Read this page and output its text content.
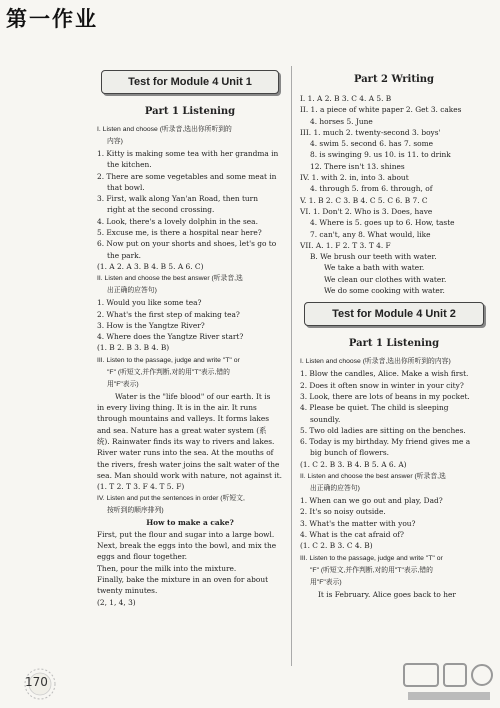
第一作业
Test for Module 4 Unit 1
Part 1 Listening
I. Listen and choose (听录音,选出你所听到的
内容)
1. Kitty is making some tea with her grandma in
the kitchen.
2. There are some vegetables and some meat in
that bowl.
3. First, walk along Yan'an Road, then turn
right at the second crossing.
4. Look, there's a lovely dolphin in the sea.
5. Excuse me, is there a hospital near here?
6. Now put on your shorts and shoes, let's go to
the park.
(1. A 2. A 3. B 4. B 5. A 6. C)
II. Listen and choose the best answer (听录音,选
出正确的应答句)
1. Would you like some tea?
2. What's the first step of making tea?
3. How is the Yangtze River?
4. Where does the Yangtze River start?
(1. B 2. B 3. B 4. B)
III. Listen to the passage, judge and write "T" or
"F" (听短文,并作判断,对的用"T"表示,错的
用"F"表示)
Water is the "life blood" of our earth. It is
in every living thing. It is in the air. It runs
through mountains and valleys. It forms lakes
and sea. Nature has a great water system (系
统). Rainwater finds its way to rivers and lakes.
River water runs into the sea. At the mouths of
the rivers, fresh water joins the salt water of the
sea. Man should work with nature, not against it.
(1. T 2. T 3. F 4. T 5. F)
IV. Listen and put the sentences in order (听短文,
按听到的顺序排列)
How to make a cake?
First, put the flour and sugar into a large bowl.
Next, break the eggs into the bowl, and mix the
eggs and flour together.
Then, pour the milk into the mixture.
Finally, bake the mixture in an oven for about
twenty minutes.
(2, 1, 4, 3)
Part 2 Writing
I. 1. A 2. B 3. C 4. A 5. B
II. 1. a piece of white paper 2. Get 3. cakes
4. horses 5. June
III. 1. much 2. twenty-second 3. boys'
4. swim 5. second 6. has 7. some
8. is swinging 9. us 10. is 11. to drink
12. There isn't 13. shines
IV. 1. with 2. in, into 3. about
4. through 5. from 6. through, of
V. 1. B 2. C 3. B 4. C 5. C 6. B 7. C
VI. 1. Don't 2. Who is 3. Does, have
4. Where is 5. goes up to 6. How, taste
7. can't, any 8. What would, like
VII. A. 1. F 2. T 3. T 4. F
B. We brush our teeth with water.
We take a bath with water.
We clean our clothes with water.
We do some cooking with water.
Test for Module 4 Unit 2
Part 1 Listening
I. Listen and choose (听录音,选出你所听到的内容)
1. Blow the candles, Alice. Make a wish first.
2. Does it often snow in winter in your city?
3. Look, there are lots of beans in my pocket.
4. Please be quiet. The child is sleeping
soundly.
5. Two old ladies are sitting on the benches.
6. Today is my birthday. My friend gives me a
big bunch of flowers.
(1. C 2. B 3. B 4. B 5. A 6. A)
II. Listen and choose the best answer (听录音,选
出正确的应答句)
1. When can we go out and play, Dad?
2. It's so noisy outside.
3. What's the matter with you?
4. What is the cat afraid of?
(1. C 2. B 3. C 4. B)
III. Listen to the passage, judge and write "T" or
"F" (听短文,并作判断,对的用"T"表示,错的
用"F"表示)
It is February. Alice goes back to her
170
